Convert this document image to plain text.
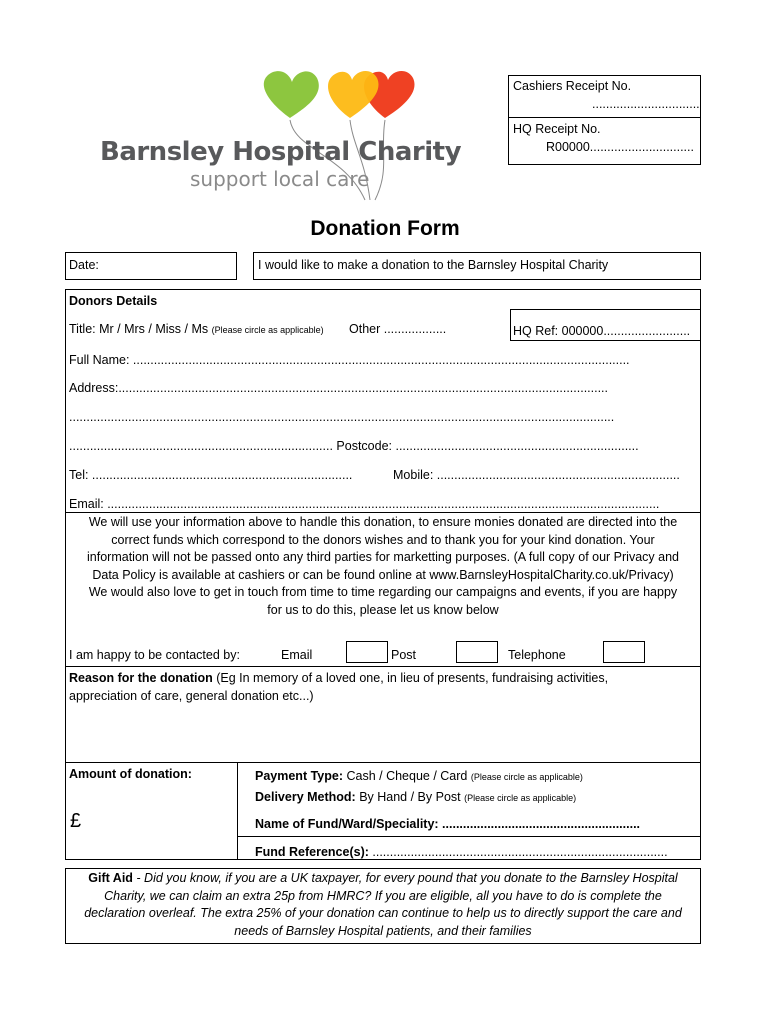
Barnsley Hospital Charity
support local care
Cashiers Receipt No.
...............................
HQ Receipt No.
R00000..............................
Donation Form
Date:	I would like to make a donation to the Barnsley Hospital Charity
Donors Details
Title: Mr / Mrs / Miss / Ms (Please circle as applicable) Other ..................	HQ Ref: 000000.........................
Full Name: ...............................................................................................................................................
Address:.............................................................................................................................................
.............................................................................................................................................................
............................................................................ Postcode: ......................................................................
Tel: ...........................................................................	Mobile: ......................................................................
Email: ...............................................................................................................................................................
We will use your information above to handle this donation, to ensure monies donated are directed into the
correct funds which correspond to the donors wishes and to thank you for your kind donation. Your
information will not be passed onto any third parties for marketting purposes. (A full copy of our Privacy and
Data Policy is available at cashiers or can be found online at www.BarnsleyHospitalCharity.co.uk/Privacy)
We would also love to get in touch from time to time regarding our campaigns and events, if you are happy
for us to do this, please let us know below
I am happy to be contacted by:	Email	Post	Telephone
Reason for the donation (Eg In memory of a loved one, in lieu of presents, fundraising activities,
appreciation of care, general donation etc...)
Amount of donation:
£
Payment Type: Cash / Cheque / Card (Please circle as applicable)
Delivery Method: By Hand / By Post (Please circle as applicable)
Name of Fund/Ward/Speciality: .........................................................
Fund Reference(s): .....................................................................................
Gift Aid - Did you know, if you are a UK taxpayer, for every pound that you donate to the Barnsley Hospital
Charity, we can claim an extra 25p from HMRC? If you are eligible, all you have to do is complete the
declaration overleaf. The extra 25% of your donation can continue to help us to directly support the care and
needs of Barnsley Hospital patients, and their families
